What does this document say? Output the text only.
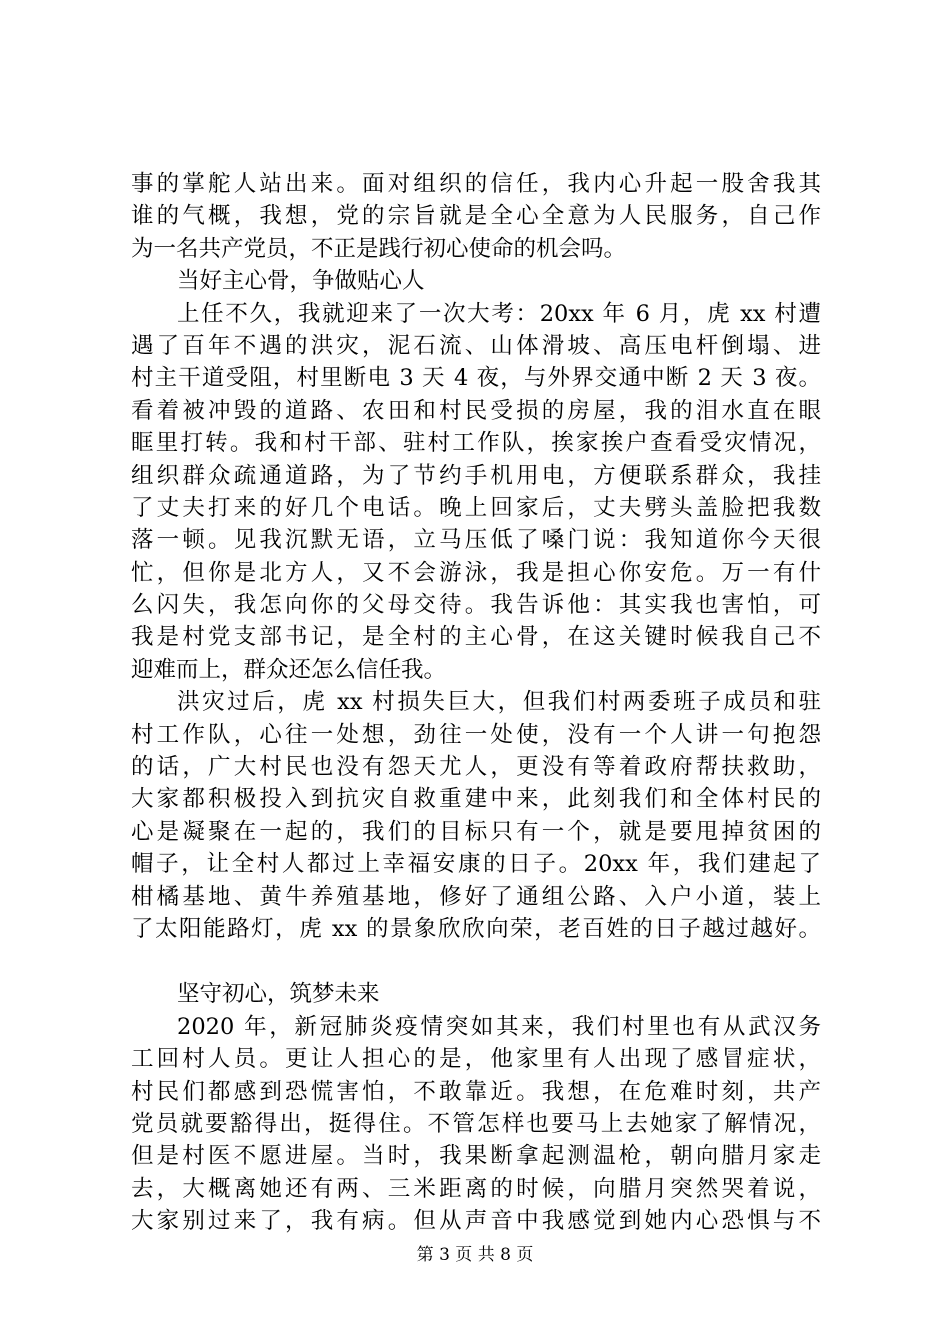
事的掌舵人站出来。面对组织的信任，我内心升起一股舍我其
谁的气概，我想，党的宗旨就是全心全意为人民服务，自己作
为一名共产党员，不正是践行初心使命的机会吗。
当好主心骨，争做贴心人
上任不久，我就迎来了一次大考：20xx 年 6 月，虎 xx 村遭
遇了百年不遇的洪灾，泥石流、山体滑坡、高压电杆倒塌、进
村主干道受阻，村里断电 3 天 4 夜，与外界交通中断 2 天 3 夜。
看着被冲毁的道路、农田和村民受损的房屋，我的泪水直在眼
眶里打转。我和村干部、驻村工作队，挨家挨户查看受灾情况，
组织群众疏通道路，为了节约手机用电，方便联系群众，我挂
了丈夫打来的好几个电话。晚上回家后，丈夫劈头盖脸把我数
落一顿。见我沉默无语，立马压低了嗓门说：我知道你今天很
忙，但你是北方人，又不会游泳，我是担心你安危。万一有什
么闪失，我怎向你的父母交待。我告诉他：其实我也害怕，可
我是村党支部书记，是全村的主心骨，在这关键时候我自己不
迎难而上，群众还怎么信任我。
洪灾过后，虎 xx 村损失巨大，但我们村两委班子成员和驻
村工作队，心往一处想，劲往一处使，没有一个人讲一句抱怨
的话，广大村民也没有怨天尤人，更没有等着政府帮扶救助，
大家都积极投入到抗灾自救重建中来，此刻我们和全体村民的
心是凝聚在一起的，我们的目标只有一个，就是要甩掉贫困的
帽子，让全村人都过上幸福安康的日子。20xx 年，我们建起了
柑橘基地、黄牛养殖基地，修好了通组公路、入户小道，装上
了太阳能路灯，虎 xx 的景象欣欣向荣，老百姓的日子越过越好。
坚守初心，筑梦未来
2020 年，新冠肺炎疫情突如其来，我们村里也有从武汉务
工回村人员。更让人担心的是，他家里有人出现了感冒症状，
村民们都感到恐慌害怕，不敢靠近。我想，在危难时刻，共产
党员就要豁得出，挺得住。不管怎样也要马上去她家了解情况，
但是村医不愿进屋。当时，我果断拿起测温枪，朝向腊月家走
去，大概离她还有两、三米距离的时候，向腊月突然哭着说，
大家别过来了，我有病。但从声音中我感觉到她内心恐惧与不
第 3 页 共 8 页
